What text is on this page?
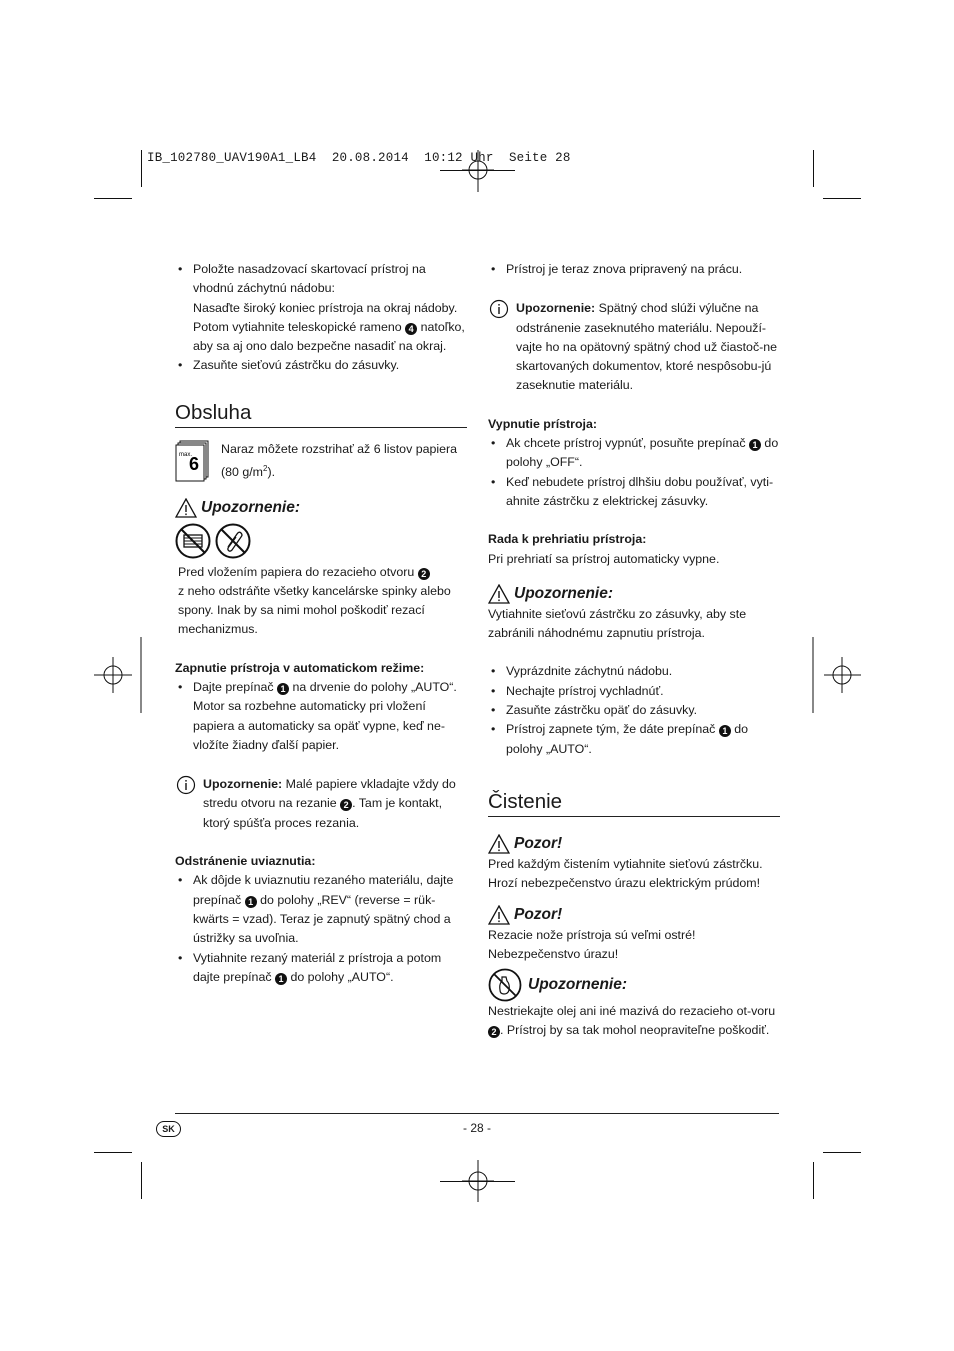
IB_102780_UAV190A1_LB4  20.08.2014  10:12 Uhr  Seite 28

• Položte nasadzovací skartovací prístroj na vhodnú záchytnú nádobu:

Nasaďte široký koniec prístroja na okraj nádoby. Potom vytiahnite teleskopické rameno 4 natoľko, aby sa aj ono dalo bezpečne nasadiť na okraj.

• Zasuňte sieťovú zástrčku do zásuvky.
Obsluha
max.
6

Naraz môžete rozstrihať až 6 listov papiera (80 $g/m^2$).

Upozornenie:

Pred vložením papiera do rezacieho otvoru 2
z neho odstráňte všetky kancelárske spinky alebo spony. Inak by sa nimi mohol poškodiť rezací mechanizmus.

Zapnutie prístroja v automatickom režime:
• Dajte prepínač 1 na drvenie do polohy „AUTO“. Motor sa rozbehne automaticky pri vložení papiera a automaticky sa opäť vypne, keď ne-vložíte žiadny ďalší papier.

Upozornenie: Malé papiere vkladajte vždy do stredu otvoru na rezanie 2 . Tam je kontakt, ktorý spúšťa proces rezania.

Odstránenie uviaznutia:
• Ak dôjde k uviaznutiu rezaného materiálu, dajte prepínač 1 do polohy „REV“ (reverse = rük-kwärts = vzad). Teraz je zapnutý spätný chod a ústrižky sa uvoľnia.
• Vytiahnite rezaný materiál z prístroja a potom dajte prepínač 1 do polohy „AUTO“.
• Prístroj je teraz znova pripravený na prácu.

Upozornenie: Spätný chod slúži výlučne na odstránenie zaseknutého materiálu. Nepouží-vajte ho na opätovný spätný chod už čiastoč-ne skartovaných dokumentov, ktoré nespôsobu-jú zaseknutie materiálu.

Vypnutie prístroja:
• Ak chcete prístroj vypnúť, posuňte prepínač 1 do polohy „OFF“.
• Keď nebudete prístroj dlhšiu dobu používať, vyti-ahnite zástrčku z elektrickej zásuvky.
Rada k prehriatiu prístroja:

Pri prehriatí sa prístroj automaticky vypne.

Upozornenie:

Vytiahnite sieťovú zástrčku zo zásuvky, aby ste zabránili náhodnému zapnutiu prístroja.

• Vyprázdnite záchytnú nádobu.
• Nechajte prístroj vychladnúť.
• Zasuňte zástrčku opäť do zásuvky.
• Prístroj zapnete tým, že dáte prepínač 1 do polohy „AUTO“.
Čistenie
Pozor!

Pred každým čistením vytiahnite sieťovú zástrčku. Hrozí nebezpečenstvo úrazu elektrickým prúdom!

Pozor!

Rezacie nože prístroja sú veľmi ostré! Nebezpečenstvo úrazu!

Upozornenie:

Nestriekajte olej ani iné mazivá do rezacieho ot-voru 2 . Prístroj by sa tak mohol neopraviteľne poškodiť.

SK	- 28 -
